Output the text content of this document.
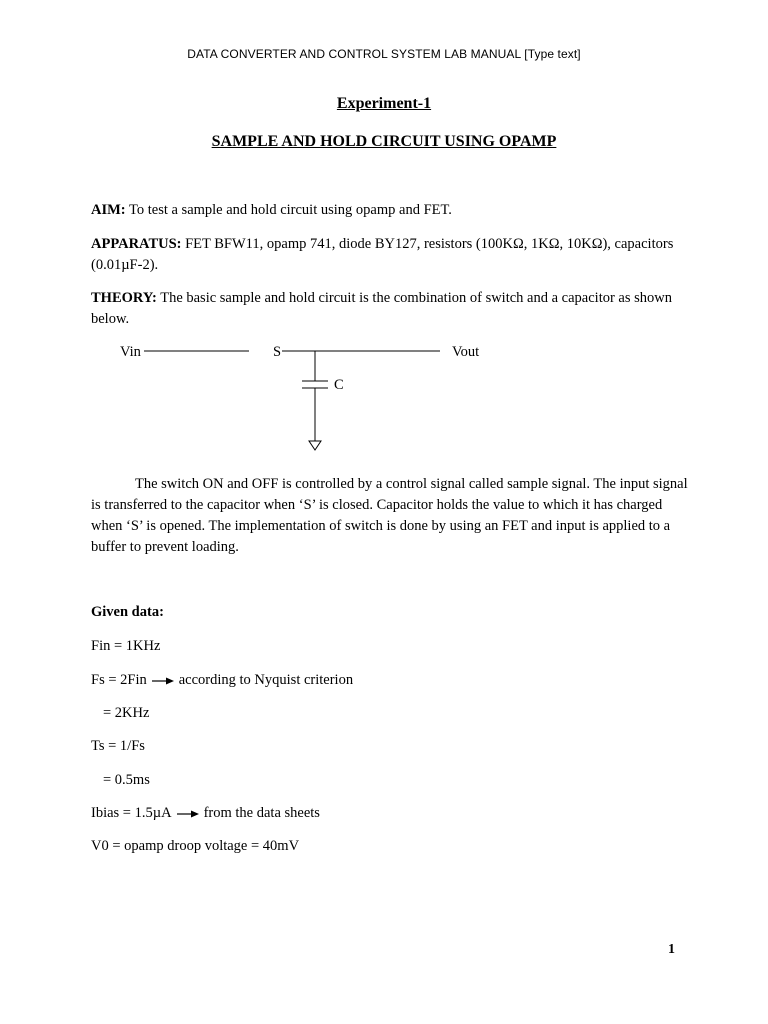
DATA CONVERTER AND CONTROL SYSTEM LAB MANUAL [Type text]
Experiment-1
SAMPLE AND HOLD CIRCUIT USING OPAMP
AIM: To test a sample and hold circuit using opamp and FET.
APPARATUS: FET BFW11, opamp 741, diode BY127, resistors (100KΩ, 1KΩ, 10KΩ), capacitors (0.01µF-2).
THEORY: The basic sample and hold circuit is the combination of switch and a capacitor as shown below.
Vin	S	Vout
C
The switch ON and OFF is controlled by a control signal called sample signal. The input signal is transferred to the capacitor when ‘S’ is closed. Capacitor holds the value to which it has charged when ‘S’ is opened. The implementation of switch is done by using an FET and input is applied to a buffer to prevent loading.
Given data:
Fin = 1KHz
Fs = 2Fin according to Nyquist criterion
= 2KHz
Ts = 1/Fs
= 0.5ms
Ibias = 1.5µA from the data sheets
V0 = opamp droop voltage = 40mV
1
